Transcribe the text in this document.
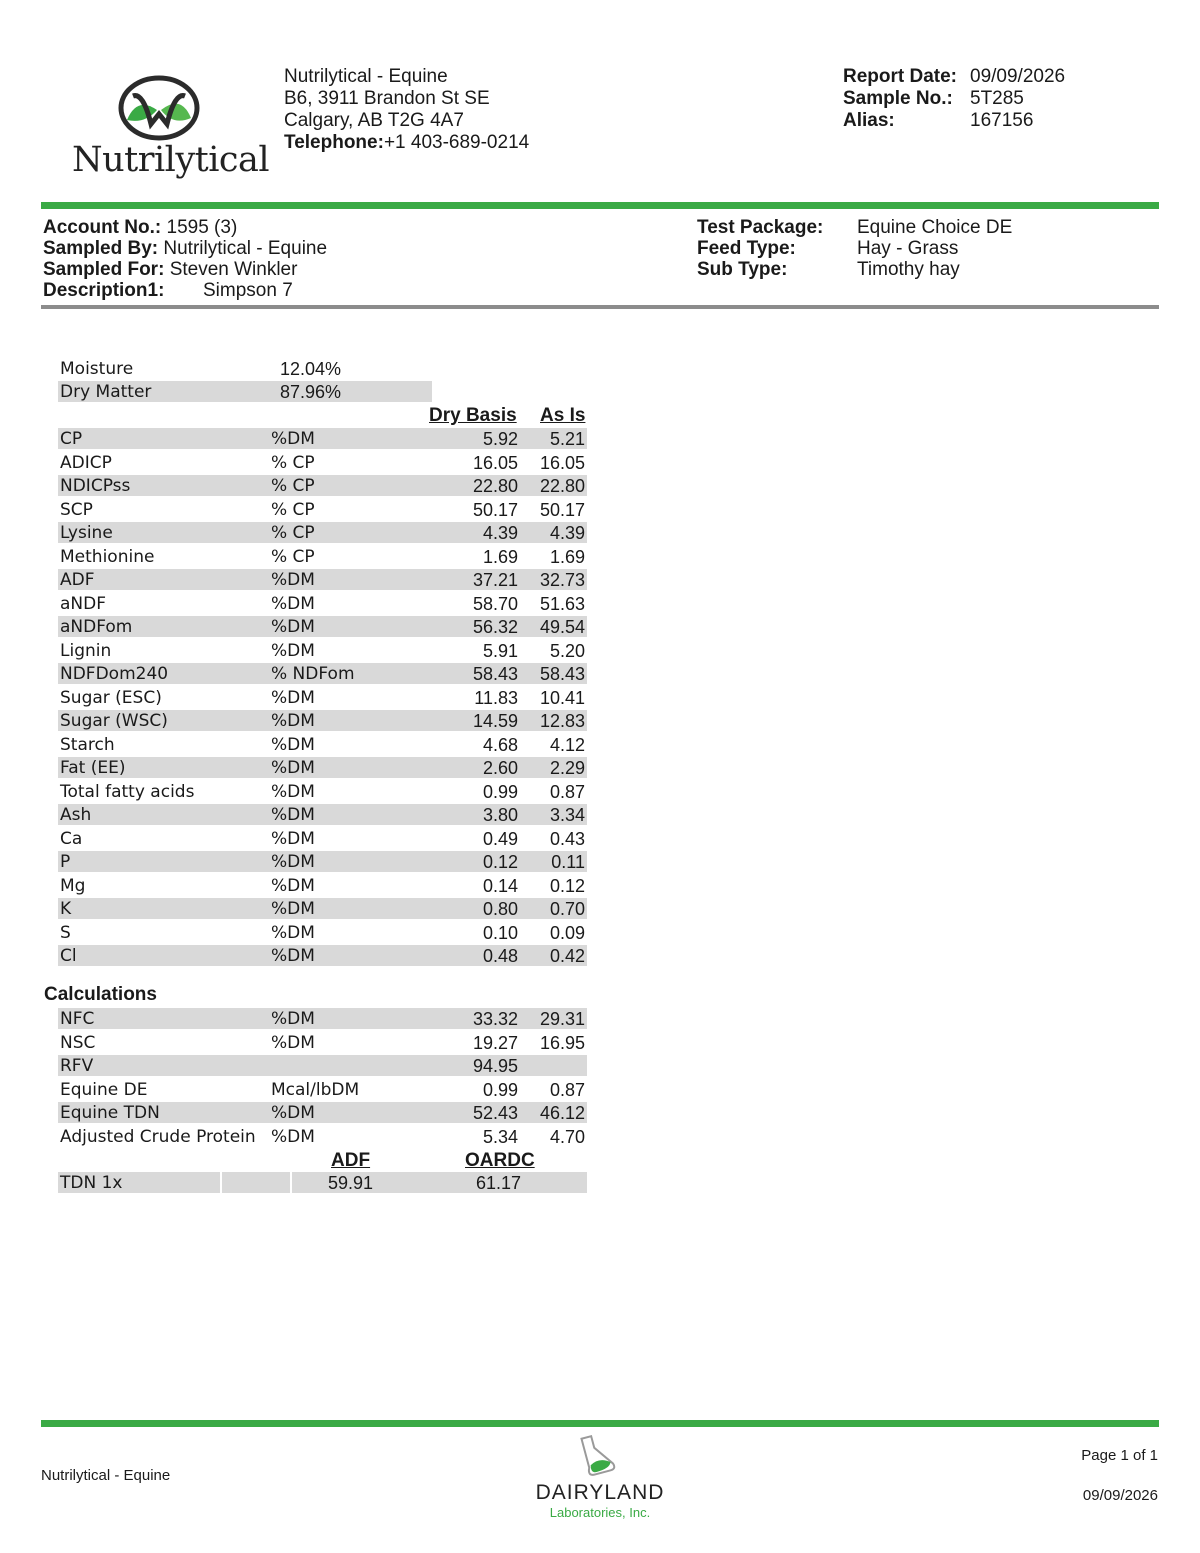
Nutrilytical
Nutrilytical - Equine
B6, 3911 Brandon St SE
Calgary, AB T2G 4A7
Telephone:+1 403-689-0214
Report Date: 09/09/2026
Sample No.: 5T285
Alias:	167156
Account No.: 1595 (3)
Sampled By: Nutrilytical - Equine
Sampled For: Steven Winkler
Description1: Simpson 7
Test Package:	Equine Choice DE
Feed Type:	Hay - Grass
Sub Type:	Timothy hay
Moisture	12.04%
Dry Matter	87.96%
Dry Basis As Is
CP	%DM	5.92 5.21
ADICP	% CP	16.05 16.05
NDICPss	% CP	22.80 22.80
SCP	% CP	50.17 50.17
Lysine	% CP	4.39 4.39
Methionine	% CP	1.69 1.69
ADF	%DM	37.21 32.73
aNDF	%DM	58.70 51.63
aNDFom	%DM	56.32 49.54
Lignin	%DM	5.91 5.20
NDFDom240	% NDFom	58.43 58.43
Sugar (ESC)	%DM	11.83 10.41
Sugar (WSC)	%DM	14.59 12.83
Starch	%DM	4.68 4.12
Fat (EE)	%DM	2.60 2.29
Total fatty acids	%DM	0.99 0.87
Ash	%DM	3.80 3.34
Ca	%DM	0.49 0.43
P	%DM	0.12 0.11
Mg	%DM	0.14 0.12
K	%DM	0.80 0.70
S	%DM	0.10 0.09
Cl	%DM	0.48 0.42
Calculations
NFC	%DM	33.32 29.31
NSC	%DM	19.27 16.95
RFV	94.95
Equine DE	Mcal/lbDM	0.99 0.87
Equine TDN	%DM	52.43 46.12
Adjusted Crude Protein %DM	5.34 4.70
ADF	OARDC
TDN 1x	59.91	61.17
Nutrilytical - Equine
DAIRYLAND
Laboratories, Inc.
Page 1 of 1
09/09/2026
